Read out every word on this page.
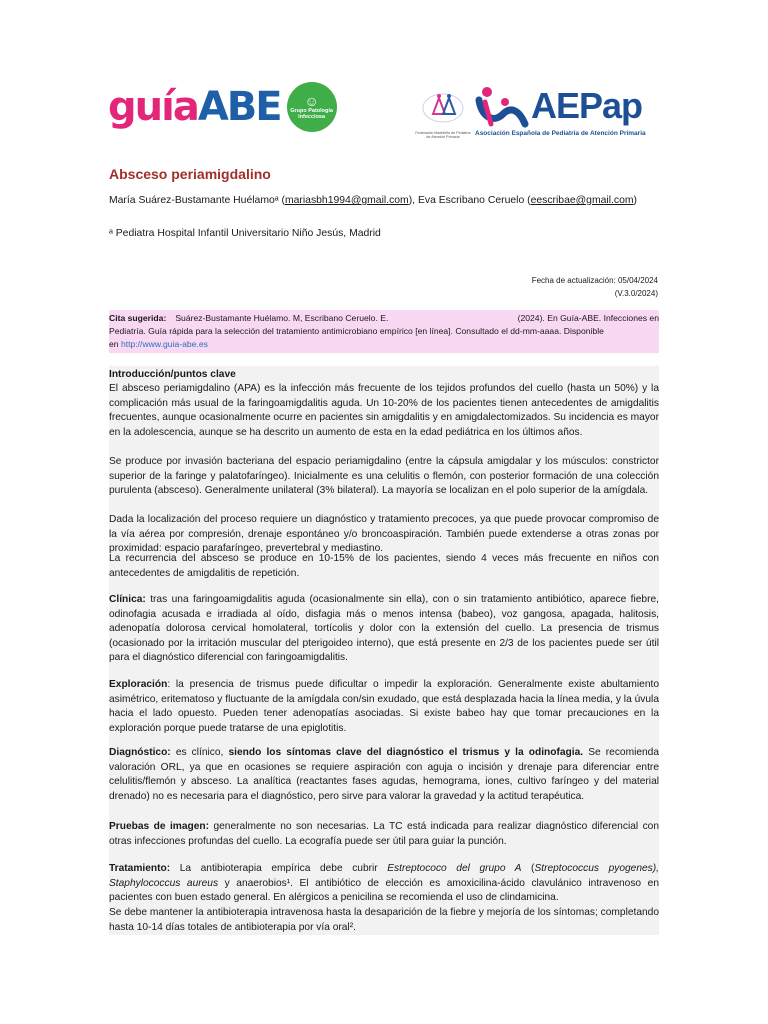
guíaABE ☺
Grupo Patología Infecciosa
Federación Madrileña de Pediatría de Atención Primaria
AEPap
Asociación Española de Pediatría de Atención Primaria
Absceso periamigdalino
María Suárez-Bustamante Huélamoᵃ (mariasbh1994@gmail.com), Eva Escribano Ceruelo (eescribae@gmail.com)
ᵃ Pediatra Hospital Infantil Universitario Niño Jesús, Madrid
Fecha de actualización: 05/04/2024
(V.3.0/2024)
Cita sugerida: Suárez-Bustamante Huélamo. M, Escribano Ceruelo. E.	(2024). En Guía-ABE. Infecciones en
Pediatría. Guía rápida para la selección del tratamiento antimicrobiano empírico [en línea]. Consultado el dd-mm-aaaa. Disponible
en http://www.guia-abe.es
Introducción/puntos clave

El absceso periamigdalino (APA) es la infección más frecuente de los tejidos profundos del cuello (hasta un 50%) y la complicación más usual de la faringoamigdalitis aguda. Un 10-20% de los pacientes tienen antecedentes de amigdalitis frecuentes, aunque ocasionalmente ocurre en pacientes sin amigdalitis y en amigdalectomizados. Su incidencia es mayor en la adolescencia, aunque se ha descrito un aumento de esta en la edad pediátrica en los últimos años.

Se produce por invasión bacteriana del espacio periamigdalino (entre la cápsula amigdalar y los músculos: constrictor superior de la faringe y palatofaríngeo). Inicialmente es una celulitis o flemón, con posterior formación de una colección purulenta (absceso). Generalmente unilateral (3% bilateral). La mayoría se localizan en el polo superior de la amígdala.

Dada la localización del proceso requiere un diagnóstico y tratamiento precoces, ya que puede provocar compromiso de la vía aérea por compresión, drenaje espontáneo y/o broncoaspiración. También puede extenderse a otras zonas por proximidad: espacio parafaríngeo, prevertebral y mediastino.

La recurrencia del absceso se produce en 10-15% de los pacientes, siendo 4 veces más frecuente en niños con antecedentes de amigdalitis de repetición.

Clínica: tras una faringoamigdalitis aguda (ocasionalmente sin ella), con o sin tratamiento antibiótico, aparece fiebre, odinofagia acusada e irradiada al oído, disfagia más o menos intensa (babeo), voz gangosa, apagada, halitosis, adenopatía dolorosa cervical homolateral, tortícolis y dolor con la extensión del cuello. La presencia de trismus (ocasionado por la irritación muscular del pterigoideo interno), que está presente en 2/3 de los pacientes puede ser útil para el diagnóstico diferencial con faringoamigdalitis.

Exploración: la presencia de trismus puede dificultar o impedir la exploración. Generalmente existe abultamiento asimétrico, eritematoso y fluctuante de la amígdala con/sin exudado, que está desplazada hacia la línea media, y la úvula hacia el lado opuesto. Pueden tener adenopatías asociadas. Si existe babeo hay que tomar precauciones en la exploración porque puede tratarse de una epiglotitis.

Diagnóstico: es clínico, siendo los síntomas clave del diagnóstico el trismus y la odinofagia. Se recomienda valoración ORL, ya que en ocasiones se requiere aspiración con aguja o incisión y drenaje para diferenciar entre celulitis/flemón y absceso. La analítica (reactantes fases agudas, hemograma, iones, cultivo faríngeo y del material drenado) no es necesaria para el diagnóstico, pero sirve para valorar la gravedad y la actitud terapéutica.

Pruebas de imagen: generalmente no son necesarias. La TC está indicada para realizar diagnóstico diferencial con otras infecciones profundas del cuello. La ecografía puede ser útil para guiar la punción.

Tratamiento: La antibioterapia empírica debe cubrir Estreptococo del grupo A (Streptococcus pyogenes), Staphylococcus aureus y anaerobios¹. El antibiótico de elección es amoxicilina-ácido clavulánico intravenoso en pacientes con buen estado general. En alérgicos a penicilina se recomienda el uso de clindamicina.

Se debe mantener la antibioterapia intravenosa hasta la desaparición de la fiebre y mejoría de los síntomas; completando hasta 10-14 días totales de antibioterapia por vía oral².
